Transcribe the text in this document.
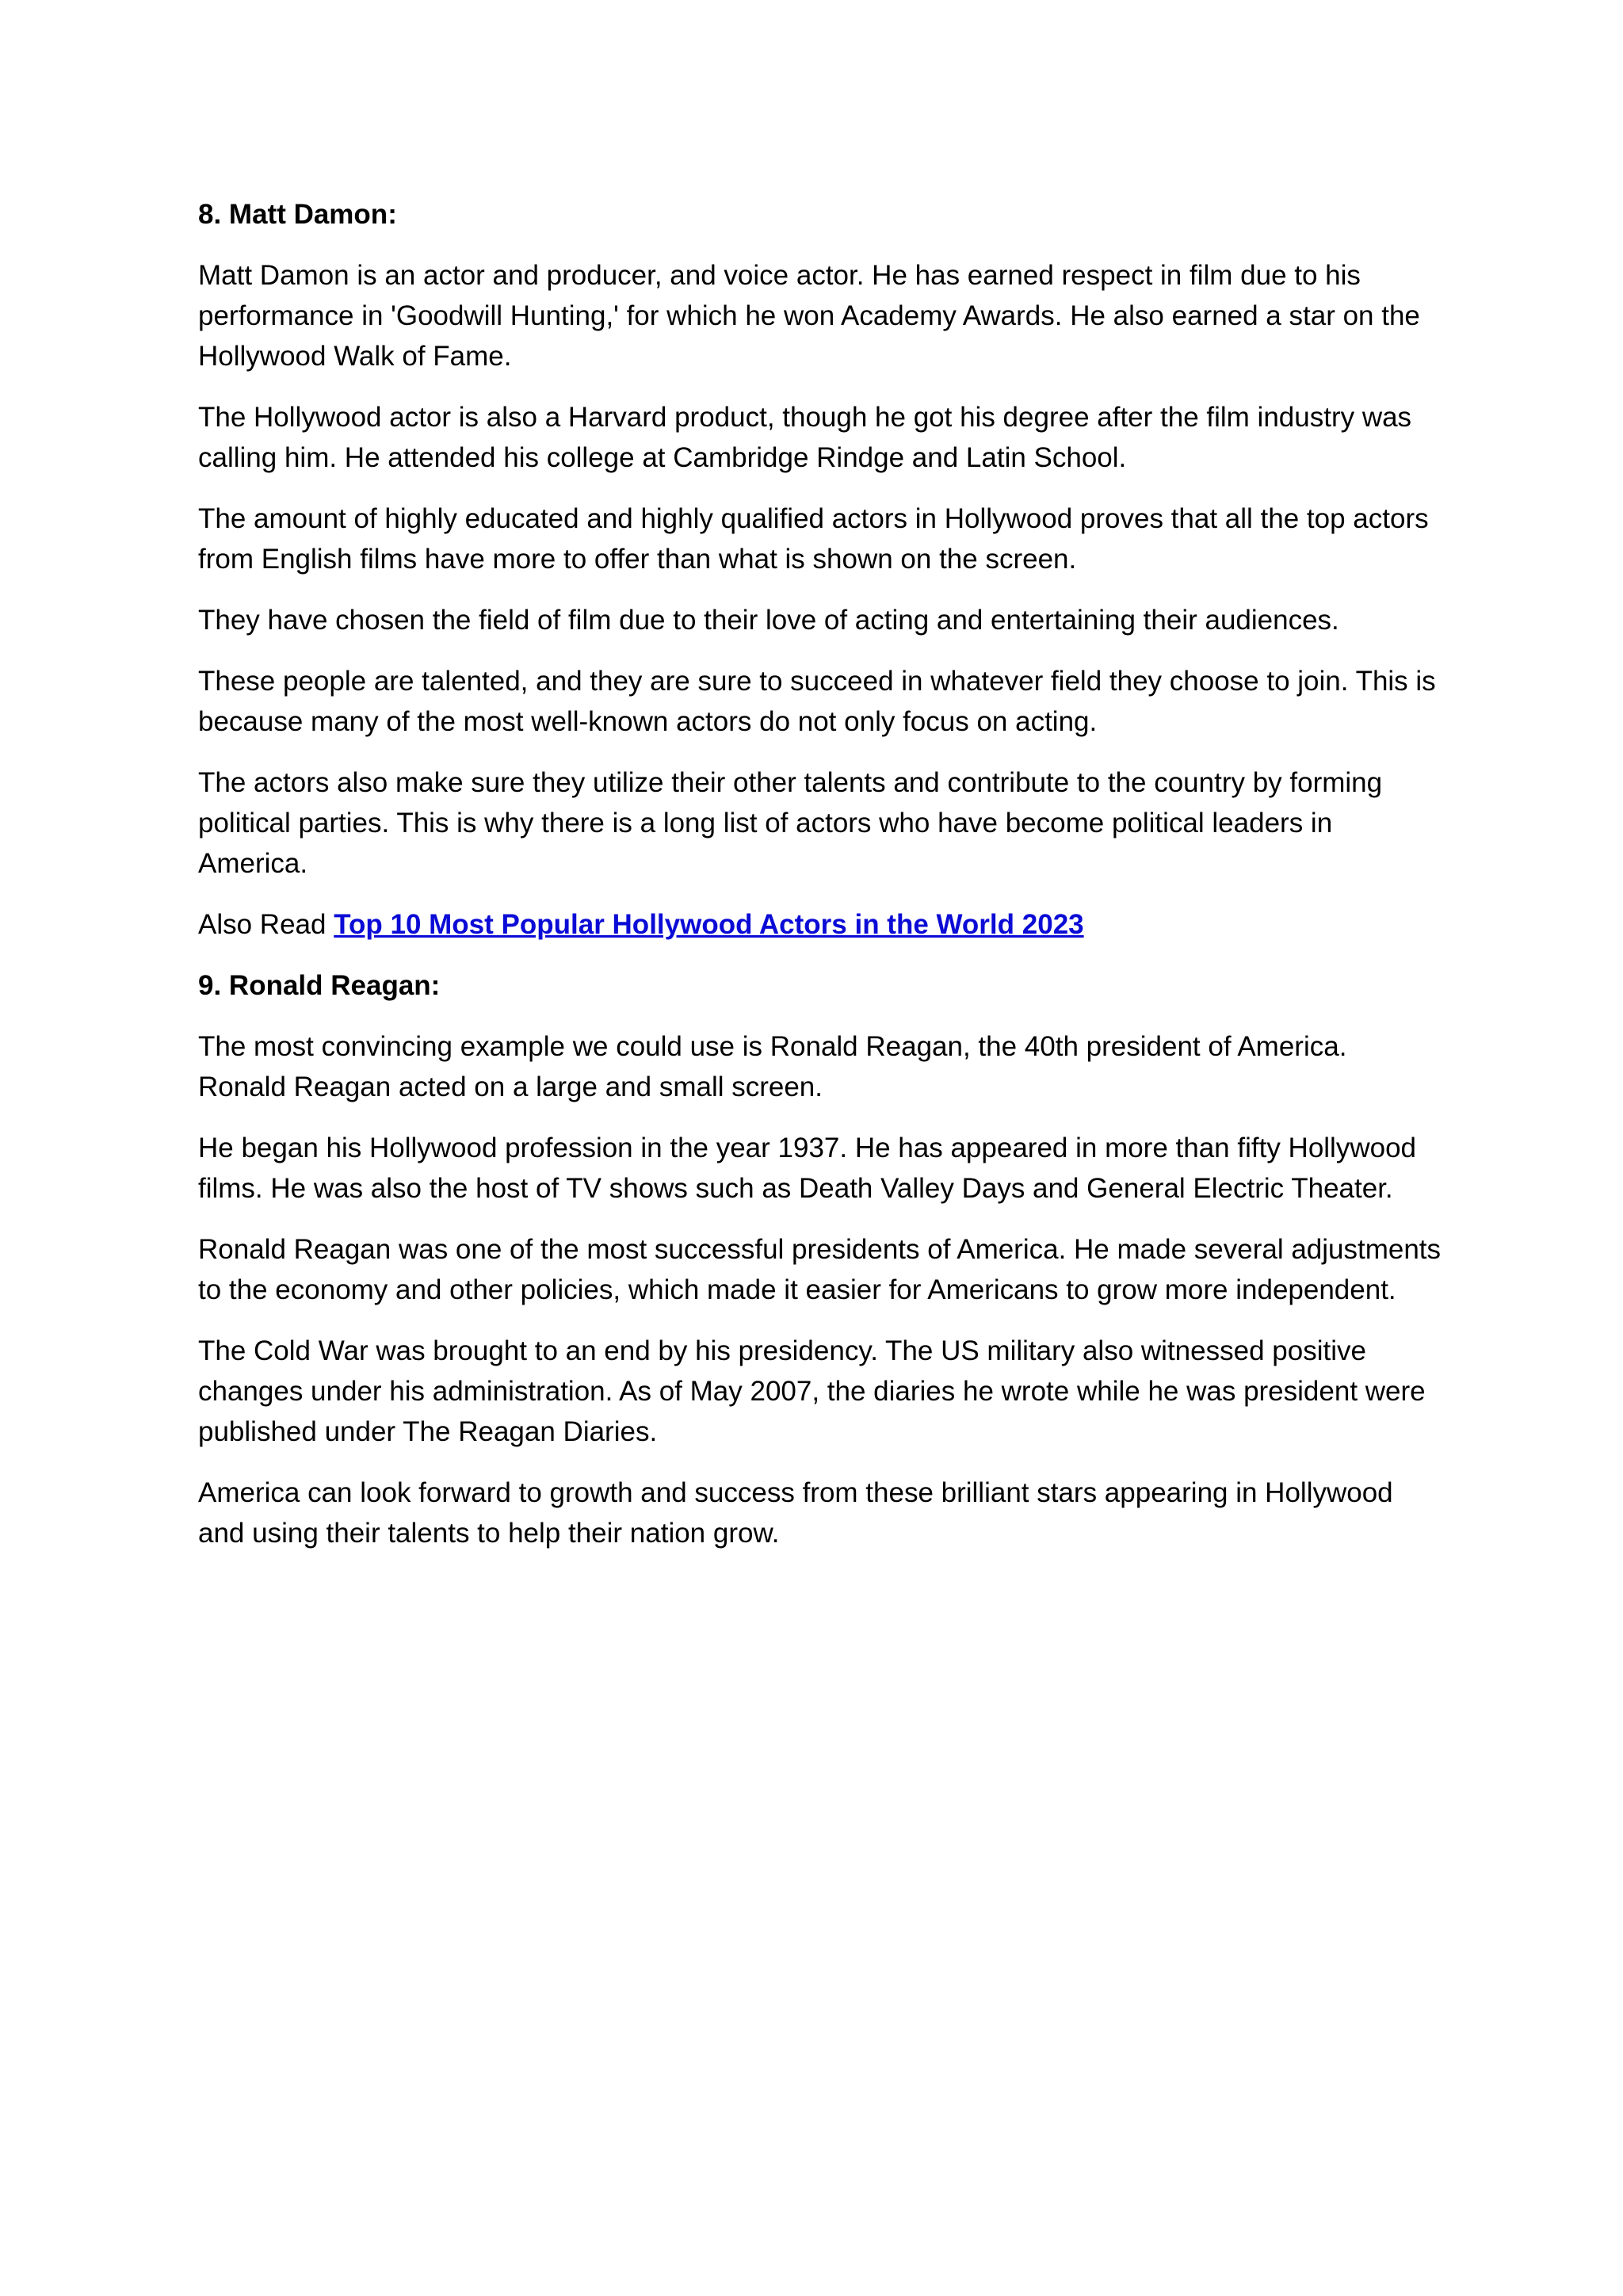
8. Matt Damon:

Matt Damon is an actor and producer, and voice actor. He has earned respect in film due to his performance in 'Goodwill Hunting,' for which he won Academy Awards. He also earned a star on the Hollywood Walk of Fame.

The Hollywood actor is also a Harvard product, though he got his degree after the film industry was calling him. He attended his college at Cambridge Rindge and Latin School.

The amount of highly educated and highly qualified actors in Hollywood proves that all the top actors from English films have more to offer than what is shown on the screen.

They have chosen the field of film due to their love of acting and entertaining their audiences.

These people are talented, and they are sure to succeed in whatever field they choose to join. This is because many of the most well-known actors do not only focus on acting.

The actors also make sure they utilize their other talents and contribute to the country by forming political parties. This is why there is a long list of actors who have become political leaders in America.

Also Read Top 10 Most Popular Hollywood Actors in the World 2023

9. Ronald Reagan:

The most convincing example we could use is Ronald Reagan, the 40th president of America. Ronald Reagan acted on a large and small screen.

He began his Hollywood profession in the year 1937. He has appeared in more than fifty Hollywood films. He was also the host of TV shows such as Death Valley Days and General Electric Theater.

Ronald Reagan was one of the most successful presidents of America. He made several adjustments to the economy and other policies, which made it easier for Americans to grow more independent.

The Cold War was brought to an end by his presidency. The US military also witnessed positive changes under his administration. As of May 2007, the diaries he wrote while he was president were published under The Reagan Diaries.

America can look forward to growth and success from these brilliant stars appearing in Hollywood and using their talents to help their nation grow.
